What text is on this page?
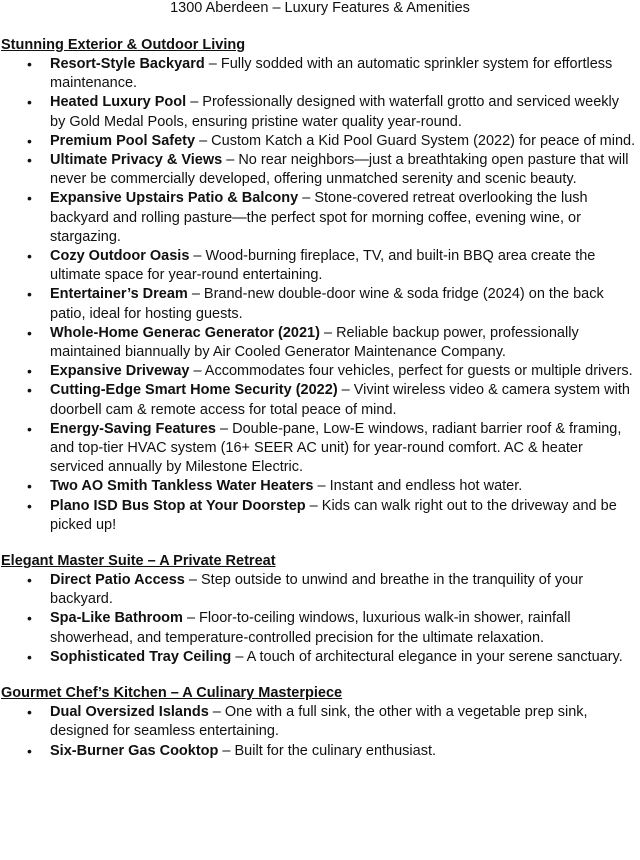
1300 Aberdeen – Luxury Features & Amenities

Stunning Exterior & Outdoor Living
• Resort-Style Backyard – Fully sodded with an automatic sprinkler system for effortless maintenance.
• Heated Luxury Pool – Professionally designed with waterfall grotto and serviced weekly by Gold Medal Pools, ensuring pristine water quality year-round.
• Premium Pool Safety – Custom Katch a Kid Pool Guard System (2022) for peace of mind.
• Ultimate Privacy & Views – No rear neighbors—just a breathtaking open pasture that will never be commercially developed, offering unmatched serenity and scenic beauty.
• Expansive Upstairs Patio & Balcony – Stone-covered retreat overlooking the lush backyard and rolling pasture—the perfect spot for morning coffee, evening wine, or stargazing.
• Cozy Outdoor Oasis – Wood-burning fireplace, TV, and built-in BBQ area create the ultimate space for year-round entertaining.
• Entertainer’s Dream – Brand-new double-door wine & soda fridge (2024) on the back patio, ideal for hosting guests.
• Whole-Home Generac Generator (2021) – Reliable backup power, professionally maintained biannually by Air Cooled Generator Maintenance Company.
• Expansive Driveway – Accommodates four vehicles, perfect for guests or multiple drivers.
• Cutting-Edge Smart Home Security (2022) – Vivint wireless video & camera system with doorbell cam & remote access for total peace of mind.
• Energy-Saving Features – Double-pane, Low-E windows, radiant barrier roof & framing, and top-tier HVAC system (16+ SEER AC unit) for year-round comfort. AC & heater serviced annually by Milestone Electric.
• Two AO Smith Tankless Water Heaters – Instant and endless hot water.
• Plano ISD Bus Stop at Your Doorstep – Kids can walk right out to the driveway and be picked up!
Elegant Master Suite – A Private Retreat
• Direct Patio Access – Step outside to unwind and breathe in the tranquility of your backyard.
• Spa-Like Bathroom – Floor-to-ceiling windows, luxurious walk-in shower, rainfall showerhead, and temperature-controlled precision for the ultimate relaxation.
• Sophisticated Tray Ceiling – A touch of architectural elegance in your serene sanctuary.
Gourmet Chef’s Kitchen – A Culinary Masterpiece
• Dual Oversized Islands – One with a full sink, the other with a vegetable prep sink, designed for seamless entertaining.
• Six-Burner Gas Cooktop – Built for the culinary enthusiast.
